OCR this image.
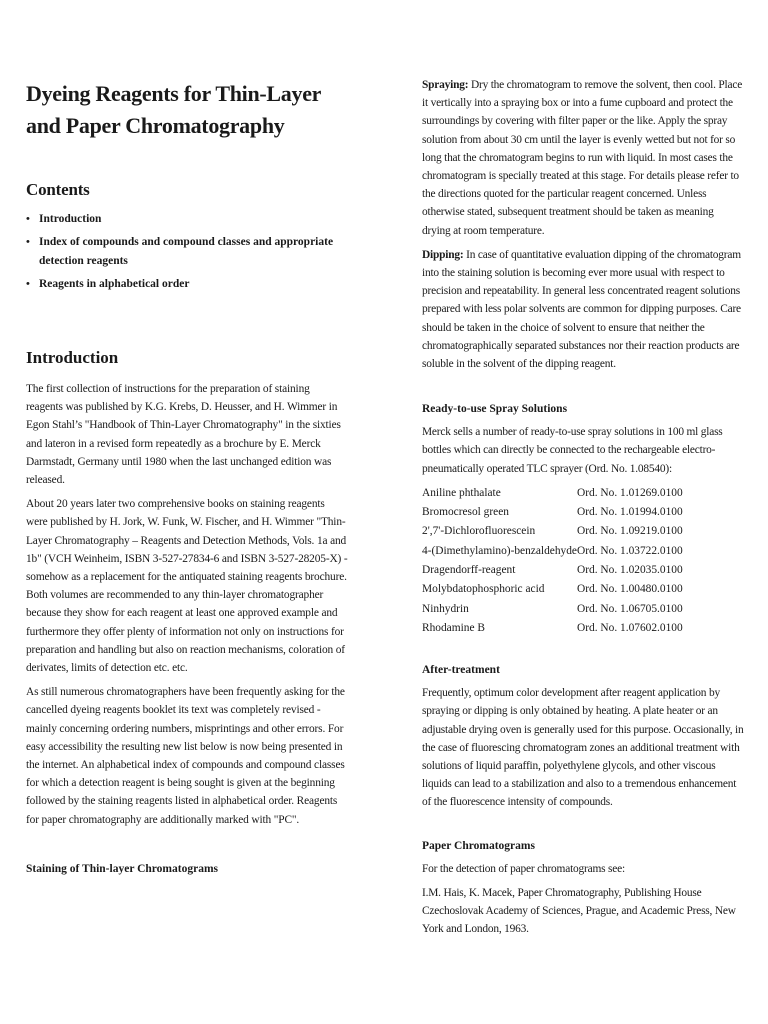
Dyeing Reagents for Thin-Layer and Paper Chromatography
Contents
• Introduction
• Index of compounds and compound classes and appropriate detection reagents
• Reagents in alphabetical order
Introduction

The first collection of instructions for the preparation of staining reagents was published by K.G. Krebs, D. Heusser, and H. Wimmer in Egon Stahl’s "Handbook of Thin-Layer Chromatography" in the sixties and lateron in a revised form repeatedly as a brochure by E. Merck Darmstadt, Germany until 1980 when the last unchanged edition was released.

About 20 years later two comprehensive books on staining reagents were published by H. Jork, W. Funk, W. Fischer, and H. Wimmer "Thin-Layer Chromatography – Reagents and Detection Methods, Vols. 1a and 1b" (VCH Weinheim, ISBN 3-527-27834-6 and ISBN 3-527-28205-X) - somehow as a replacement for the antiquated staining reagents brochure. Both volumes are recommended to any thin-layer chromatographer because they show for each reagent at least one approved example and furthermore they offer plenty of information not only on instructions for preparation and handling but also on reaction mechanisms, coloration of derivates, limits of detection etc. etc.

As still numerous chromatographers have been frequently asking for the cancelled dyeing reagents booklet its text was completely revised - mainly concerning ordering numbers, misprintings and other errors. For easy accessibility the resulting new list below is now being presented in the internet. An alphabetical index of compounds and compound classes for which a detection reagent is being sought is given at the beginning followed by the staining reagents listed in alphabetical order. Reagents for paper chromatography are additionally marked with "PC".

Staining of Thin-layer Chromatograms

Spraying: Dry the chromatogram to remove the solvent, then cool. Place it vertically into a spraying box or into a fume cupboard and protect the surroundings by covering with filter paper or the like. Apply the spray solution from about 30 cm until the layer is evenly wetted but not for so long that the chromatogram begins to run with liquid. In most cases the chromatogram is specially treated at this stage. For details please refer to the directions quoted for the particular reagent concerned. Unless otherwise stated, subsequent treatment should be taken as meaning drying at room temperature.

Dipping: In case of quantitative evaluation dipping of the chromatogram into the staining solution is becoming ever more usual with respect to precision and repeatability. In general less concentrated reagent solutions prepared with less polar solvents are common for dipping purposes. Care should be taken in the choice of solvent to ensure that neither the chromatographically separated substances nor their reaction products are soluble in the solvent of the dipping reagent.

Ready-to-use Spray Solutions

Merck sells a number of ready-to-use spray solutions in 100 ml glass bottles which can directly be connected to the rechargeable electro-pneumatically operated TLC sprayer (Ord. No. 1.08540):

Aniline phthalate	Ord. No. 1.01269.0100
Bromocresol green	Ord. No. 1.01994.0100
2',7'-Dichlorofluorescein	Ord. No. 1.09219.0100
4-(Dimethylamino)-benzaldehyde	Ord. No. 1.03722.0100
Dragendorff-reagent	Ord. No. 1.02035.0100
Molybdatophosphoric acid	Ord. No. 1.00480.0100
Ninhydrin	Ord. No. 1.06705.0100
Rhodamine B	Ord. No. 1.07602.0100
After-treatment

Frequently, optimum color development after reagent application by spraying or dipping is only obtained by heating. A plate heater or an adjustable drying oven is generally used for this purpose. Occasionally, in the case of fluorescing chromatogram zones an additional treatment with solutions of liquid paraffin, polyethylene glycols, and other viscous liquids can lead to a stabilization and also to a tremendous enhancement of the fluorescence intensity of compounds.

Paper Chromatograms

For the detection of paper chromatograms see:

I.M. Hais, K. Macek, Paper Chromatography, Publishing House Czechoslovak Academy of Sciences, Prague, and Academic Press, New York and London, 1963.
